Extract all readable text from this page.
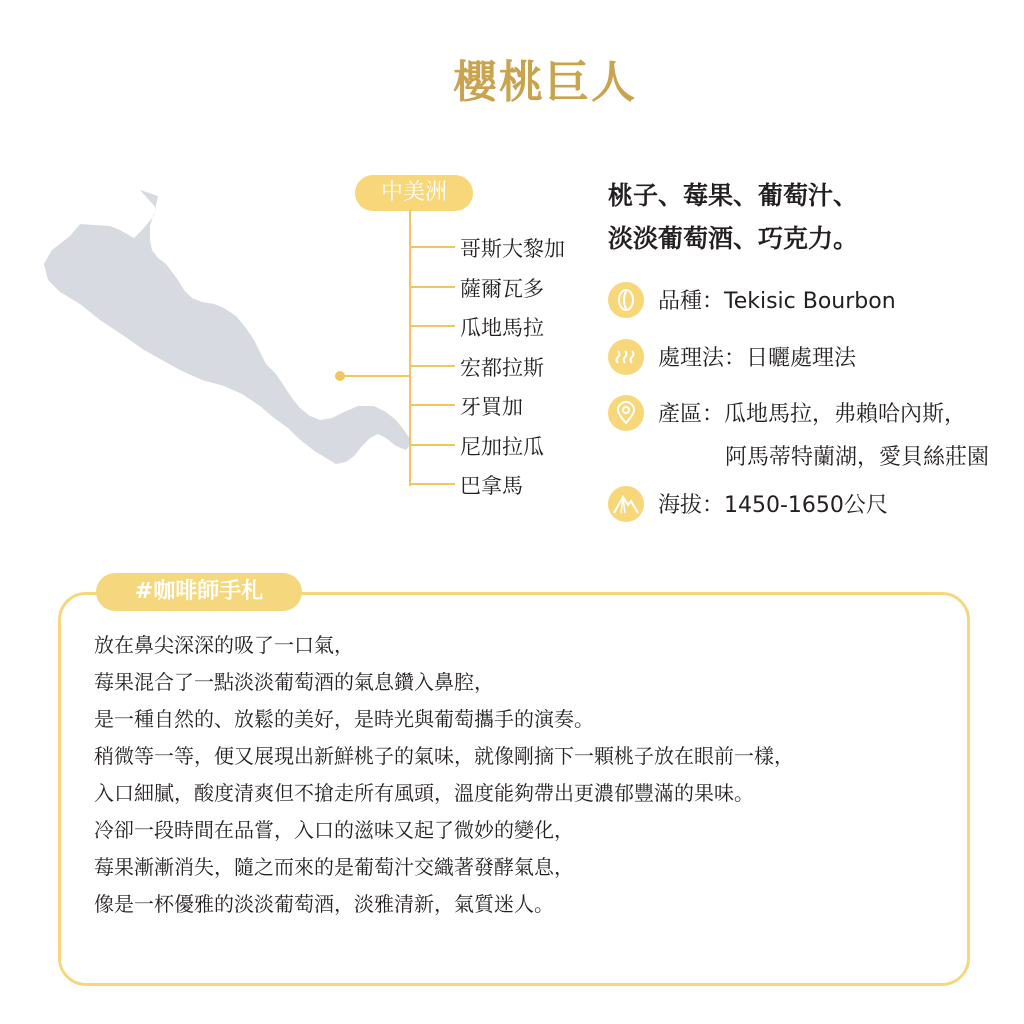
櫻桃巨人
中美洲
哥斯大黎加
薩爾瓦多
瓜地馬拉
宏都拉斯
牙買加
尼加拉瓜
巴拿馬
桃子、莓果、葡萄汁、
淡淡葡萄酒、巧克力。
品種：Tekisic Bourbon
處理法：日曬處理法
產區：瓜地馬拉，弗賴哈內斯，
阿馬蒂特蘭湖，愛貝絲莊園
海拔：1450-1650公尺
#咖啡師手札
放在鼻尖深深的吸了一口氣，
莓果混合了一點淡淡葡萄酒的氣息鑽入鼻腔，
是一種自然的、放鬆的美好，是時光與葡萄攜手的演奏。
稍微等一等，便又展現出新鮮桃子的氣味，就像剛摘下一顆桃子放在眼前一樣，
入口細膩，酸度清爽但不搶走所有風頭，溫度能夠帶出更濃郁豐滿的果味。
冷卻一段時間在品嘗，入口的滋味又起了微妙的變化，
莓果漸漸消失，隨之而來的是葡萄汁交織著發酵氣息，
像是一杯優雅的淡淡葡萄酒，淡雅清新，氣質迷人。
